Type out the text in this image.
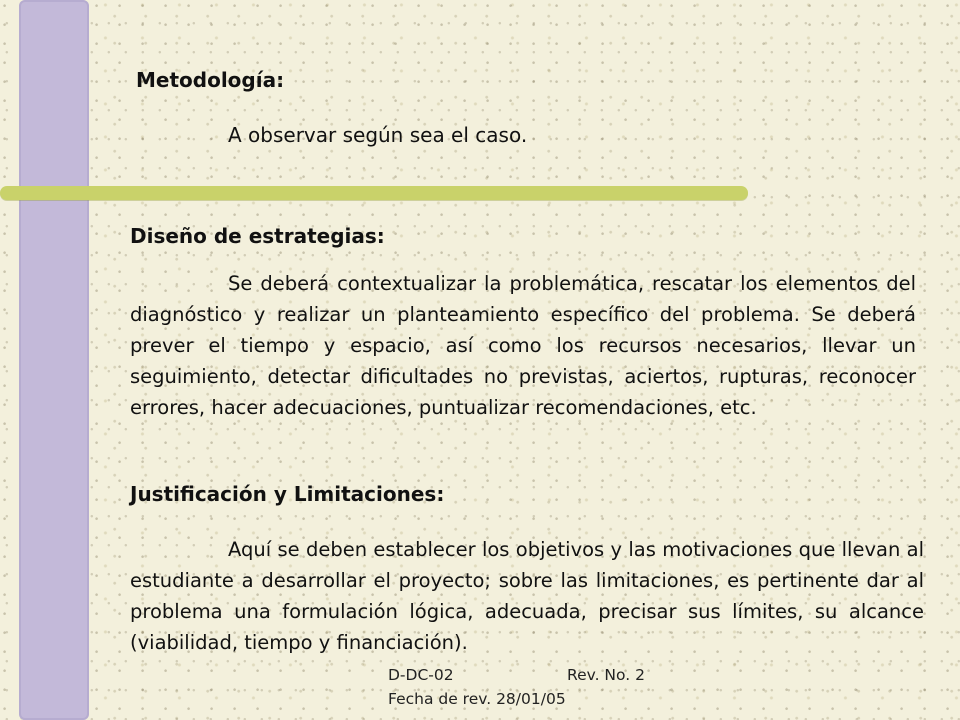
Metodología:

A observar según sea el caso.

Diseño de estrategias:

Se deberá contextualizar la problemática, rescatar los elementos del diagnóstico y realizar un planteamiento específico del problema. Se deberá prever el tiempo y espacio, así como los recursos necesarios, llevar un seguimiento, detectar dificultades no previstas, aciertos, rupturas, reconocer errores, hacer adecuaciones, puntualizar recomendaciones, etc.

Justificación y Limitaciones:

Aquí se deben establecer los objetivos y las motivaciones que llevan al estudiante a desarrollar el proyecto; sobre las limitaciones, es pertinente dar al problema una formulación lógica, adecuada, precisar sus límites, su alcance (viabilidad, tiempo y financiación).

D-DC-02	Rev. No. 2
Fecha de rev. 28/01/05
